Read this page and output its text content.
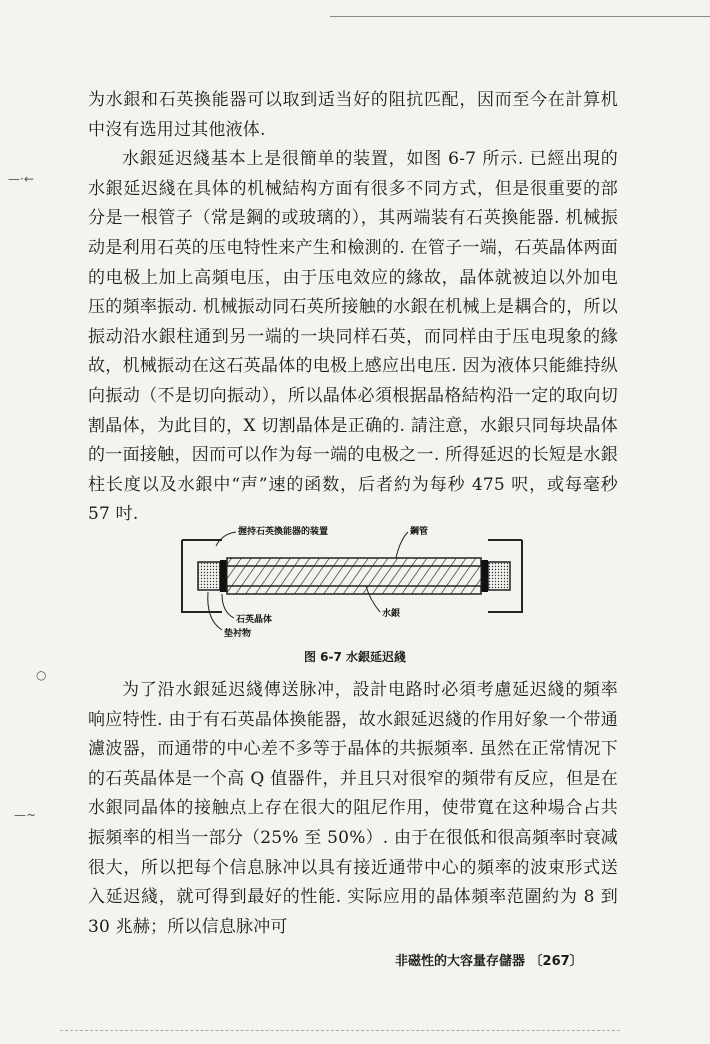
为水銀和石英換能器可以取到适当好的阻抗匹配，因而至今在計算机中沒有选用过其他液体.

水銀延迟綫基本上是很簡单的装置，如图 6-7 所示. 已經出現的水銀延迟綫在具体的机械結构方面有很多不同方式，但是很重要的部分是一根管子（常是鋼的或玻璃的），其两端装有石英換能器. 机械振动是利用石英的压电特性来产生和檢測的. 在管子一端，石英晶体两面的电极上加上高頻电压，由于压电效应的緣故，晶体就被迫以外加电压的頻率振动. 机械振动同石英所接触的水銀在机械上是耦合的，所以振动沿水銀柱通到另一端的一块同样石英，而同样由于压电現象的緣故，机械振动在这石英晶体的电极上感应出电压. 因为液体只能維持纵向振动（不是切向振动），所以晶体必須根据晶格結构沿一定的取向切割晶体，为此目的，X 切割晶体是正确的. 請注意，水銀只同每块晶体的一面接触，因而可以作为每一端的电极之一. 所得延迟的长短是水銀柱长度以及水銀中“声”速的函数，后者約为每秒 475 呎，或每毫秒 57 吋.

握持石英換能器的装置	鋼管
石英晶体
水銀
垫衬物
图 6-7 水銀延迟綫

为了沿水銀延迟綫傳送脉冲，設計电路时必須考慮延迟綫的頻率响应特性. 由于有石英晶体換能器，故水銀延迟綫的作用好象一个带通濾波器，而通带的中心差不多等于晶体的共振頻率. 虽然在正常情况下的石英晶体是一个高 Q 值器件，并且只对很窄的頻带有反应，但是在水銀同晶体的接触点上存在很大的阻尼作用，使带寬在这种場合占共振頻率的相当一部分（25% 至 50%）. 由于在很低和很高頻率时衰减很大，所以把每个信息脉冲以具有接近通带中心的頻率的波束形式送入延迟綫，就可得到最好的性能. 实际应用的晶体頻率范圍約为 8 到 30 兆赫；所以信息脉冲可

非磁性的大容量存儲器 〔267〕
—·←
○
—~
